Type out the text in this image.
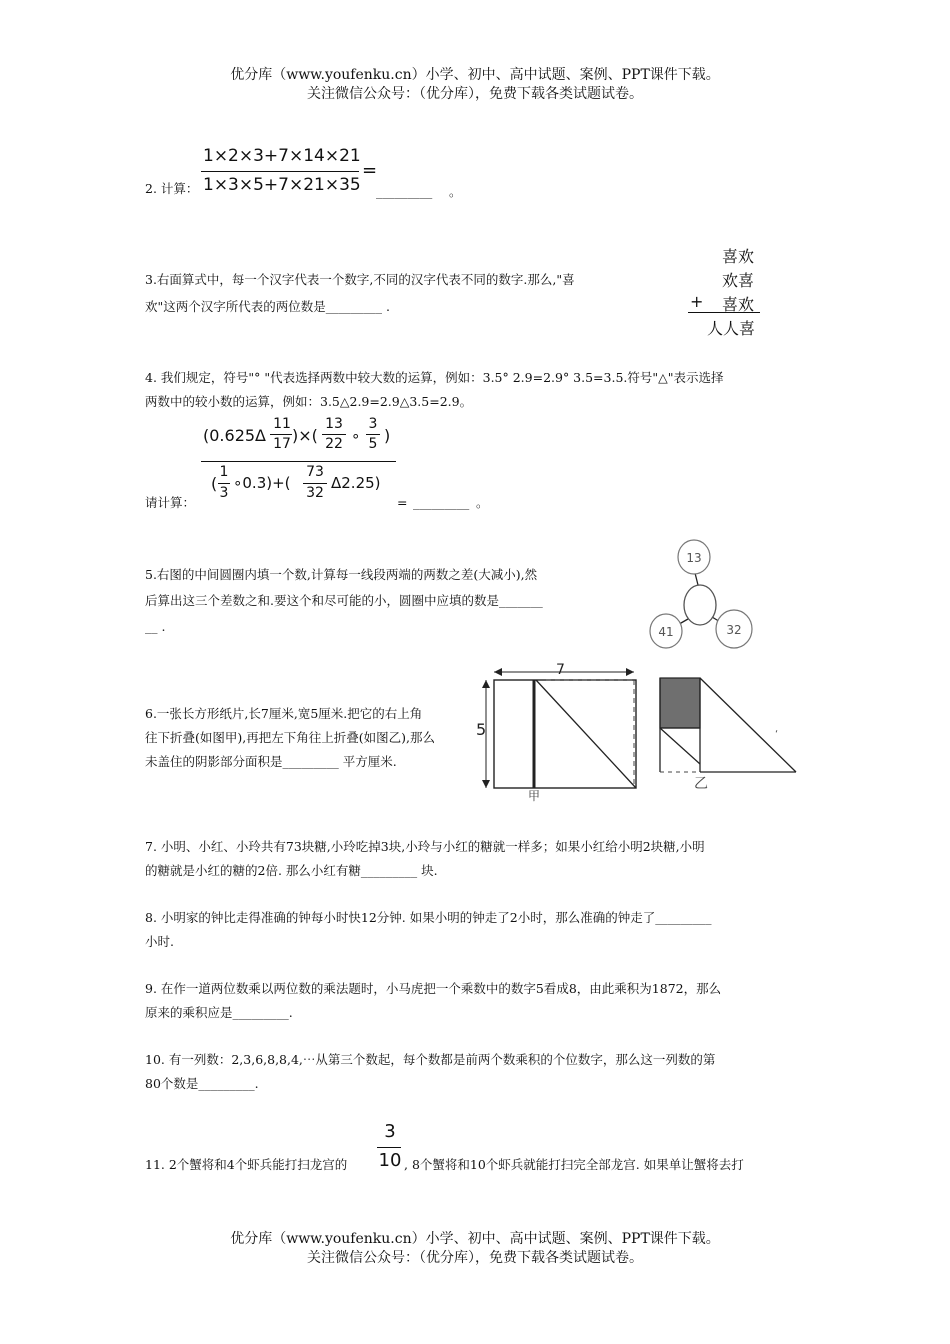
优分库（www.youfenku.cn）小学、初中、高中试题、案例、PPT课件下载。
关注微信公众号：（优分库），免费下载各类试题试卷。
2. 计算：
1×2×3+7×14×21
1×3×5+7×21×35
=
_________ 。
3.右面算式中，每一个汉字代表一个数字,不同的汉字代表不同的数字.那么,"喜
欢"这两个汉字所代表的两位数是_________ .
喜欢
欢喜
+ 喜欢
人人喜
4. 我们规定，符号"° "代表选择两数中较大数的运算，例如：3.5° 2.9=2.9° 3.5=3.5.符号"△"表示选择
两数中的较小数的运算，例如：3.5△2.9=2.9△3.5=2.9。
请计算：
(0.625Δ
11
17 )×(
13
22 ∘
3
5 )
(
1
3
∘0.3)+(
73
32
Δ2.25)
= _________ 。
5.右图的中间圆圈内填一个数,计算每一线段两端的两数之差(大减小),然
后算出这三个差数之和.要这个和尽可能的小，圆圈中应填的数是_______
__ .
13
41	32
6.一张长方形纸片,长7厘米,宽5厘米.把它的右上角
往下折叠(如图甲),再把左下角往上折叠(如图乙),那么
未盖住的阴影部分面积是_________ 平方厘米.
5
7
甲
‘
乙
7. 小明、小红、小玲共有73块糖,小玲吃掉3块,小玲与小红的糖就一样多；如果小红给小明2块糖,小明
的糖就是小红的糖的2倍. 那么小红有糖_________ 块.
8. 小明家的钟比走得准确的钟每小时快12分钟. 如果小明的钟走了2小时，那么准确的钟走了_________
小时.
9. 在作一道两位数乘以两位数的乘法题时，小马虎把一个乘数中的数字5看成8，由此乘积为1872，那么
原来的乘积应是_________.
10. 有一列数：2,3,6,8,8,4,⋯从第三个数起，每个数都是前两个数乘积的个位数字，那么这一列数的第
80个数是_________.
11. 2个蟹将和4个虾兵能打扫龙宫的
3
10 , 8个蟹将和10个虾兵就能打扫完全部龙宫. 如果单让蟹将去打
优分库（www.youfenku.cn）小学、初中、高中试题、案例、PPT课件下载。
关注微信公众号：（优分库），免费下载各类试题试卷。
